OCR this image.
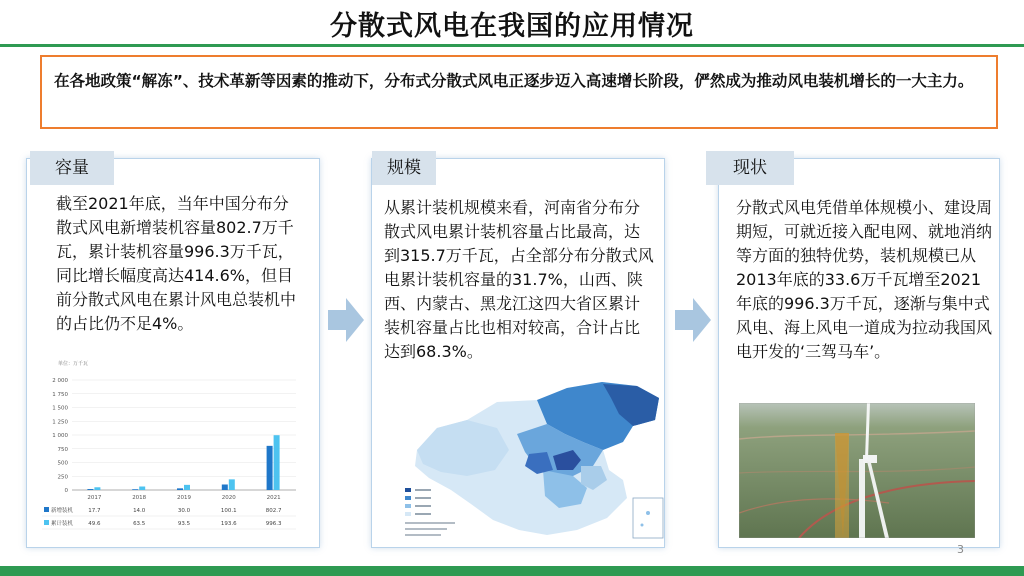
分散式风电在我国的应用情况
在各地政策“解冻”、技术革新等因素的推动下，分布式分散式风电正逐步迈入高速增长阶段，俨然成为推动风电装机增长的一大主力。
容量
截至2021年底，当年中国分布分散式风电新增装机容量802.7万千瓦，累计装机容量996.3万千瓦，同比增长幅度高达414.6%，但目前分散式风电在累计风电总装机中的占比仍不足4%。
单位：万千瓦
2 000
1 750
1 500
1 250
1 000
750
500
250
0
2017	2018	2019	2020	2021
新增装机	17.7	14.0	30.0	100.1	802.7
累计装机	49.6	63.5	93.5	193.6	996.3
规模
从累计装机规模来看，河南省分布分散式风电累计装机容量占比最高，达到315.7万千瓦，占全部分布分散式风电累计装机容量的31.7%，山西、陕西、内蒙古、黑龙江这四大省区累计装机容量占比也相对较高，合计占比达到68.3%。
现状
分散式风电凭借单体规模小、建设周期短，可就近接入配电网、就地消纳等方面的独特优势，装机规模已从2013年底的33.6万千瓦增至2021年底的996.3万千瓦，逐渐与集中式风电、海上风电一道成为拉动我国风电开发的‘三驾马车’。
3
